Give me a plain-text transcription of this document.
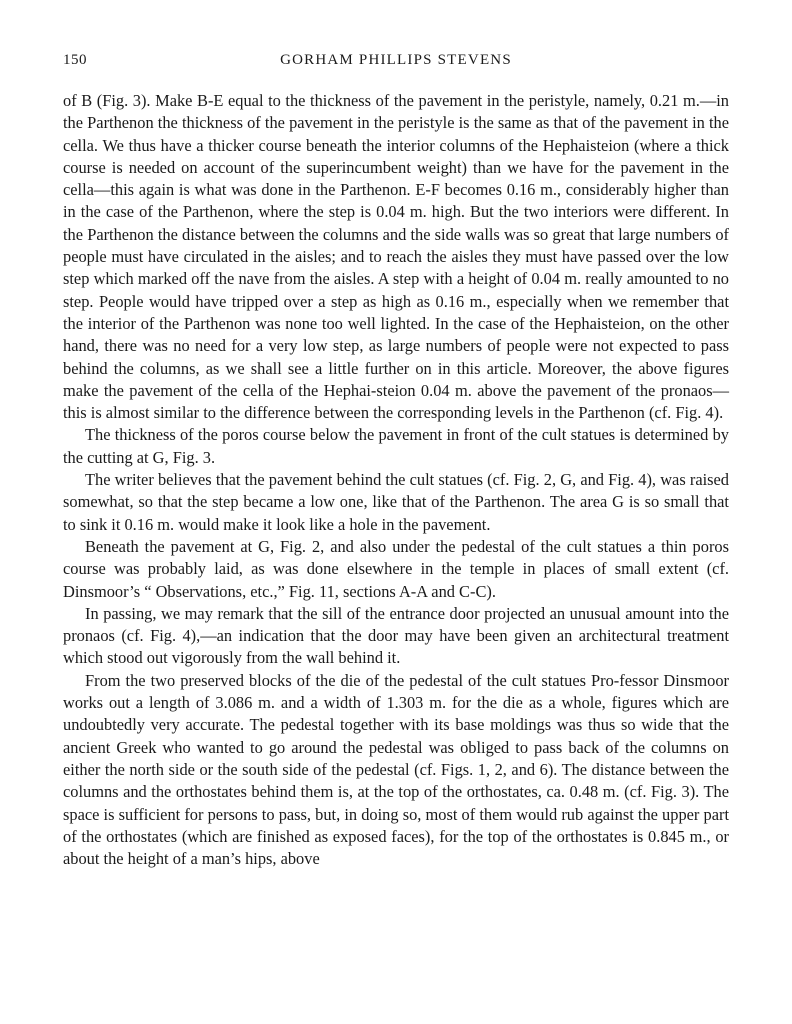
150	GORHAM PHILLIPS STEVENS

of B (Fig. 3). Make B-E equal to the thickness of the pavement in the peristyle, namely, 0.21 m.—in the Parthenon the thickness of the pavement in the peristyle is the same as that of the pavement in the cella. We thus have a thicker course beneath the interior columns of the Hephaisteion (where a thick course is needed on account of the superincumbent weight) than we have for the pavement in the cella—this again is what was done in the Parthenon. E-F becomes 0.16 m., considerably higher than in the case of the Parthenon, where the step is 0.04 m. high. But the two interiors were different. In the Parthenon the distance between the columns and the side walls was so great that large numbers of people must have circulated in the aisles; and to reach the aisles they must have passed over the low step which marked off the nave from the aisles. A step with a height of 0.04 m. really amounted to no step. People would have tripped over a step as high as 0.16 m., especially when we remember that the interior of the Parthenon was none too well lighted. In the case of the Hephaisteion, on the other hand, there was no need for a very low step, as large numbers of people were not expected to pass behind the columns, as we shall see a little further on in this article. Moreover, the above figures make the pavement of the cella of the Hephai-steion 0.04 m. above the pavement of the pronaos—this is almost similar to the difference between the corresponding levels in the Parthenon (cf. Fig. 4).

The thickness of the poros course below the pavement in front of the cult statues is determined by the cutting at G, Fig. 3.

The writer believes that the pavement behind the cult statues (cf. Fig. 2, G, and Fig. 4), was raised somewhat, so that the step became a low one, like that of the Parthenon. The area G is so small that to sink it 0.16 m. would make it look like a hole in the pavement.

Beneath the pavement at G, Fig. 2, and also under the pedestal of the cult statues a thin poros course was probably laid, as was done elsewhere in the temple in places of small extent (cf. Dinsmoor’s “ Observations, etc.,” Fig. 11, sections A-A and C-C).

In passing, we may remark that the sill of the entrance door projected an unusual amount into the pronaos (cf. Fig. 4),—an indication that the door may have been given an architectural treatment which stood out vigorously from the wall behind it.

From the two preserved blocks of the die of the pedestal of the cult statues Pro-fessor Dinsmoor works out a length of 3.086 m. and a width of 1.303 m. for the die as a whole, figures which are undoubtedly very accurate. The pedestal together with its base moldings was thus so wide that the ancient Greek who wanted to go around the pedestal was obliged to pass back of the columns on either the north side or the south side of the pedestal (cf. Figs. 1, 2, and 6). The distance between the columns and the orthostates behind them is, at the top of the orthostates, ca. 0.48 m. (cf. Fig. 3). The space is sufficient for persons to pass, but, in doing so, most of them would rub against the upper part of the orthostates (which are finished as exposed faces), for the top of the orthostates is 0.845 m., or about the height of a man’s hips, above
